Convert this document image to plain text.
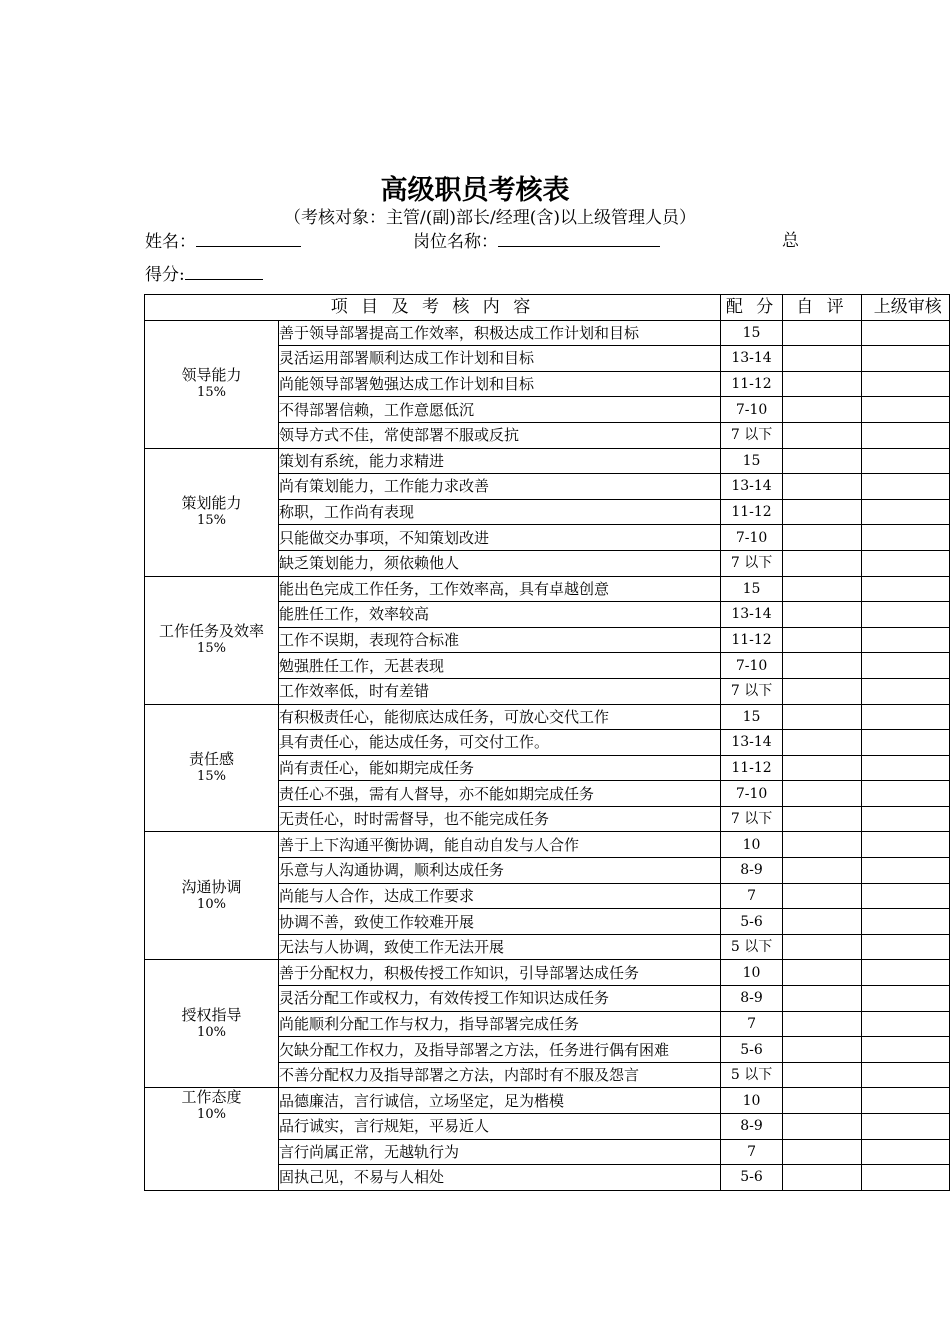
高级职员考核表
（考核对象：主管/(副)部长/经理(含)以上级管理人员）
姓名：	岗位名称：	总
得分:
项 目 及 考 核 内 容		配 分	自 评	上级审核

领导能力
15%	善于领导部署提高工作效率，积极达成工作计划和目标	15		
	灵活运用部署顺利达成工作计划和目标	13-14		
	尚能领导部署勉强达成工作计划和目标	11-12		
	不得部署信赖，工作意愿低沉	7-10		
	领导方式不佳，常使部署不服或反抗	7 以下		

策划能力
15%	策划有系统，能力求精进	15		
	尚有策划能力，工作能力求改善	13-14		
	称职，工作尚有表现	11-12		
	只能做交办事项，不知策划改进	7-10		
	缺乏策划能力，须依赖他人	7 以下		

工作任务及效率
15%	能出色完成工作任务，工作效率高，具有卓越创意	15		
	能胜任工作，效率较高	13-14		
	工作不误期，表现符合标准	11-12		
	勉强胜任工作，无甚表现	7-10		
	工作效率低，时有差错	7 以下		

责任感
15%	有积极责任心，能彻底达成任务，可放心交代工作	15		
	具有责任心，能达成任务，可交付工作。	13-14		
	尚有责任心，能如期完成任务	11-12		
	责任心不强，需有人督导，亦不能如期完成任务	7-10		
	无责任心，时时需督导，也不能完成任务	7 以下		

沟通协调
10%	善于上下沟通平衡协调，能自动自发与人合作	10		
	乐意与人沟通协调，顺利达成任务	8-9		
	尚能与人合作，达成工作要求	7		
	协调不善，致使工作较难开展	5-6		
	无法与人协调，致使工作无法开展	5 以下		

授权指导
10%	善于分配权力，积极传授工作知识，引导部署达成任务	10		
	灵活分配工作或权力，有效传授工作知识达成任务	8-9		
	尚能顺利分配工作与权力，指导部署完成任务	7		
	欠缺分配工作权力，及指导部署之方法，任务进行偶有困难	5-6		
	不善分配权力及指导部署之方法，内部时有不服及怨言	5 以下		

工作态度
10%	品德廉洁，言行诚信，立场坚定，足为楷模	10		
	品行诚实，言行规矩，平易近人	8-9		
	言行尚属正常，无越轨行为	7		
	固执己见，不易与人相处	5-6		
